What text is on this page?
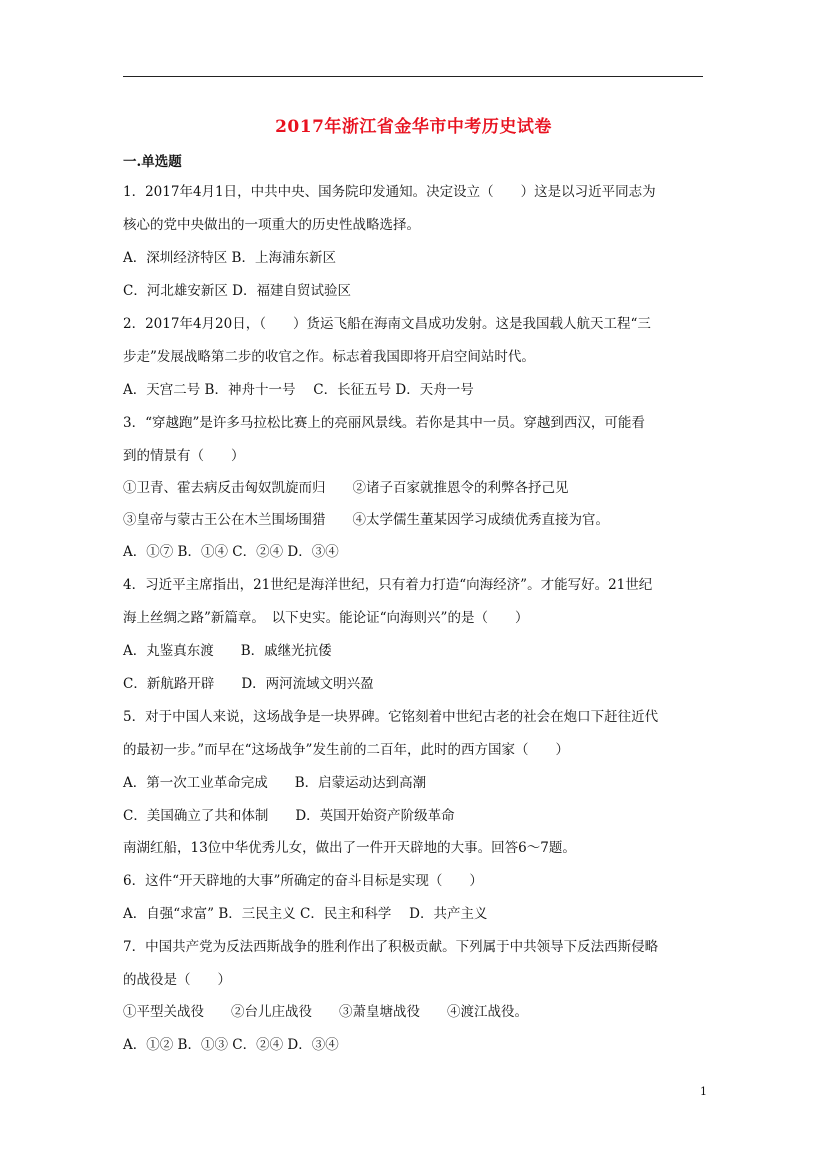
2017年浙江省金华市中考历史试卷
一.单选题
1．2017年4月1日，中共中央、国务院印发通知。决定设立（　　）这是以习近平同志为
核心的党中央做出的一项重大的历史性战略选择。
A．深圳经济特区 B．上海浦东新区
C．河北雄安新区 D．福建自贸试验区
2．2017年4月20日，（　　）货运飞船在海南文昌成功发射。这是我国载人航天工程“三
步走”发展战略第二步的收官之作。标志着我国即将开启空间站时代。
A．天宫二号 B．神舟十一号　 C．长征五号 D．天舟一号
3．“穿越跑”是许多马拉松比赛上的亮丽风景线。若你是其中一员。穿越到西汉，可能看
到的情景有（　　）
①卫青、霍去病反击匈奴凯旋而归　　②诸子百家就推恩令的利弊各抒己见
③皇帝与蒙古王公在木兰围场围猎　　④太学儒生董某因学习成绩优秀直接为官。
A．①⑦ B．①④ C．②④ D．③④
4．习近平主席指出，21世纪是海洋世纪，只有着力打造“向海经济”。才能写好。21世纪
海上丝绸之路”新篇章。　以下史实。能论证“向海则兴”的是（　　）
A．丸鉴真东渡　　B．戚继光抗倭
C．新航路开辟　　D．两河流域文明兴盈
5．对于中国人来说，这场战争是一块界碑。它铭刻着中世纪古老的社会在炮口下赶往近代
的最初一步。”而早在“这场战争”发生前的二百年，此时的西方国家（　　）
A．第一次工业革命完成　　B．启蒙运动达到高潮
C．美国确立了共和体制　　D．英国开始资产阶级革命
南湖红船，13位中华优秀儿女，做出了一件开天辟地的大事。回答6～7题。
6．这件“开天辟地的大事”所确定的奋斗目标是实现（　　）
A．自强“求富” B．三民主义 C．民主和科学　 D．共产主义
7．中国共产党为反法西斯战争的胜利作出了积极贡献。下列属于中共领导下反法西斯侵略
的战役是（　　）
①平型关战役　　②台儿庄战役　　③萧皇塘战役　　④渡江战役。
A．①② B．①③ C．②④ D．③④
1
